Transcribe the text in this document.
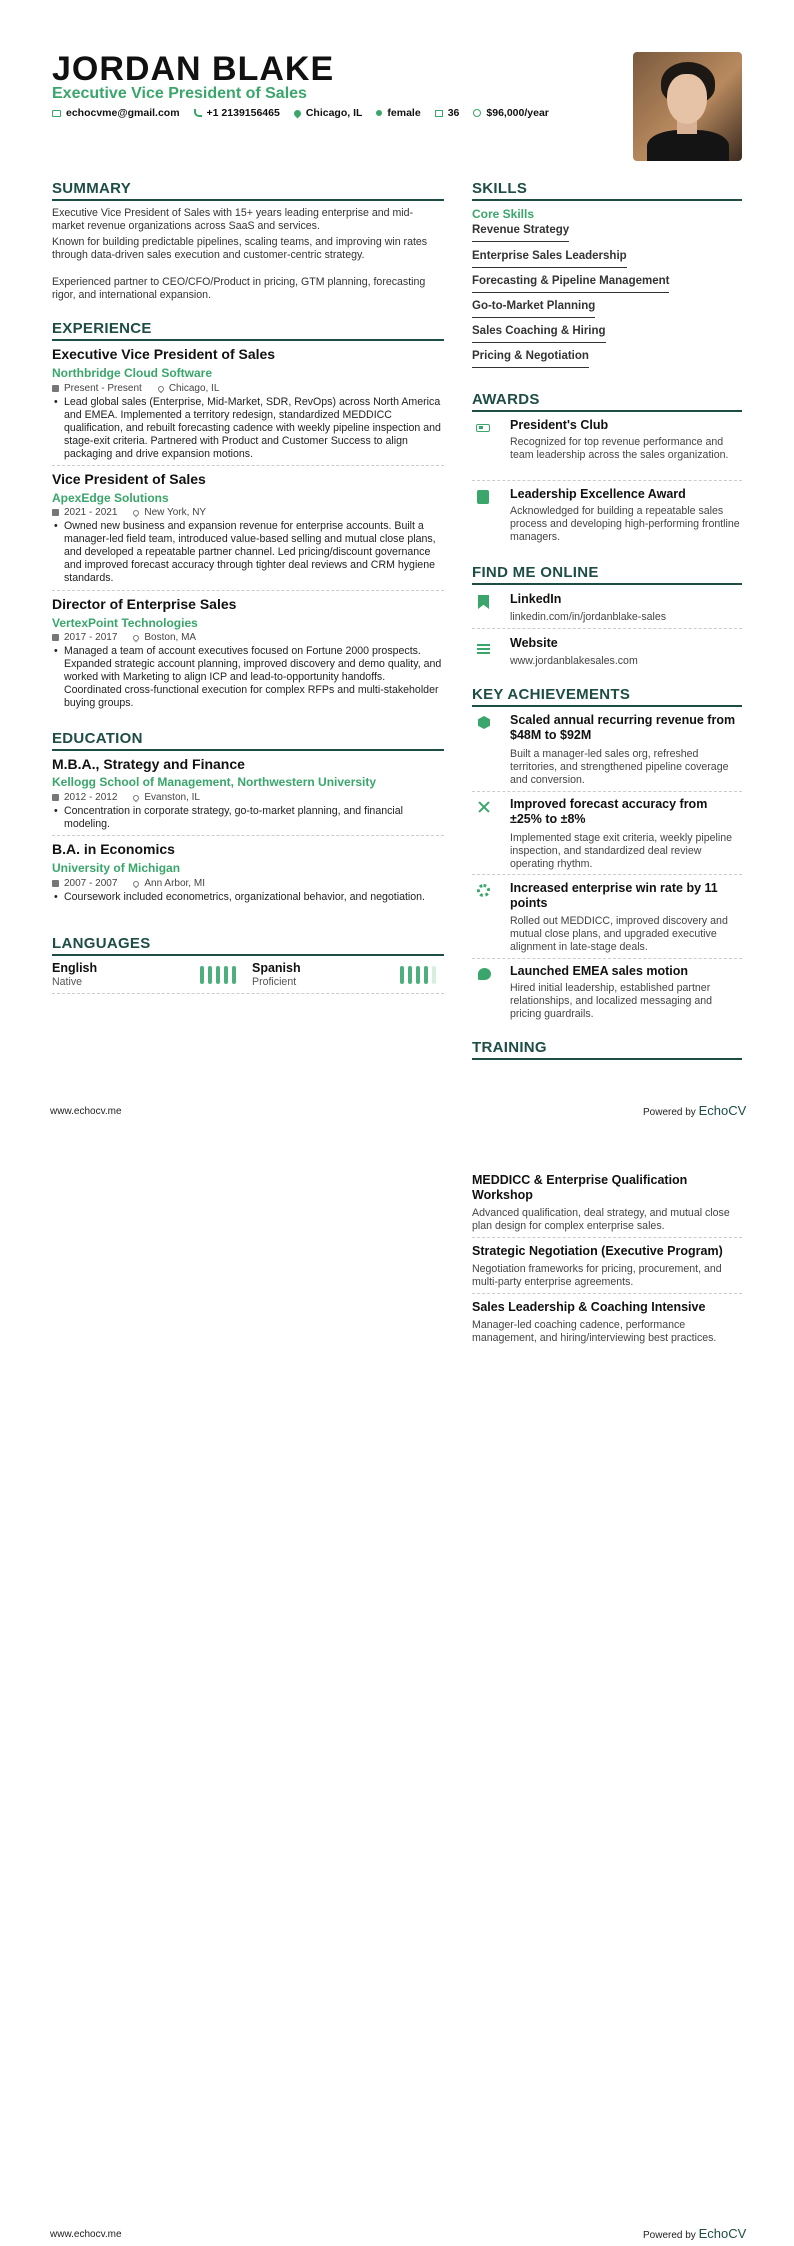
JORDAN BLAKE
Executive Vice President of Sales
echocvme@gmail.com	+1 2139156465 Chicago, IL female	36	$96,000/year
SUMMARY
Executive Vice President of Sales with 15+ years leading enterprise and mid-market revenue organizations across SaaS and services.
Known for building predictable pipelines, scaling teams, and improving win rates through data-driven sales execution and customer-centric strategy.
Experienced partner to CEO/CFO/Product in pricing, GTM planning, forecasting rigor, and international expansion.
EXPERIENCE
Executive Vice President of Sales
Northbridge Cloud Software
Present - Present	Chicago, IL
• Lead global sales (Enterprise, Mid-Market, SDR, RevOps) across North America and EMEA. Implemented a territory redesign, standardized MEDDICC qualification, and rebuilt forecasting cadence with weekly pipeline inspection and stage-exit criteria. Partnered with Product and Customer Success to align packaging and drive expansion motions.
Vice President of Sales
ApexEdge Solutions
2021 - 2021	New York, NY
• Owned new business and expansion revenue for enterprise accounts. Built a manager-led field team, introduced value-based selling and mutual close plans, and developed a repeatable partner channel. Led pricing/discount governance and improved forecast accuracy through tighter deal reviews and CRM hygiene standards.
Director of Enterprise Sales
VertexPoint Technologies
2017 - 2017	Boston, MA
• Managed a team of account executives focused on Fortune 2000 prospects. Expanded strategic account planning, improved discovery and demo quality, and worked with Marketing to align ICP and lead-to-opportunity handoffs. Coordinated cross-functional execution for complex RFPs and multi-stakeholder buying groups.
EDUCATION
M.B.A., Strategy and Finance
Kellogg School of Management, Northwestern University
2012 - 2012	Evanston, IL
• Concentration in corporate strategy, go-to-market planning, and financial modeling.
B.A. in Economics
University of Michigan
2007 - 2007	Ann Arbor, MI
• Coursework included econometrics, organizational behavior, and negotiation.
LANGUAGES
English
Native
Spanish
Proficient
SKILLS
Core Skills
Revenue Strategy
Enterprise Sales Leadership
Forecasting & Pipeline Management
Go-to-Market Planning
Sales Coaching & Hiring
Pricing & Negotiation
AWARDS
President's Club
Recognized for top revenue performance and team leadership across the sales organization.
Leadership Excellence Award
Acknowledged for building a repeatable sales process and developing high-performing frontline managers.
FIND ME ONLINE
LinkedIn
linkedin.com/in/jordanblake-sales
Website
www.jordanblakesales.com
KEY ACHIEVEMENTS
Scaled annual recurring revenue from $48M to $92M
Built a manager-led sales org, refreshed territories, and strengthened pipeline coverage and conversion.
Improved forecast accuracy from ±25% to ±8%
Implemented stage exit criteria, weekly pipeline inspection, and standardized deal review operating rhythm.
Increased enterprise win rate by 11 points
Rolled out MEDDICC, improved discovery and mutual close plans, and upgraded executive alignment in late-stage deals.
Launched EMEA sales motion
Hired initial leadership, established partner relationships, and localized messaging and pricing guardrails.
TRAINING
www.echocv.me	Powered by EchoCV
MEDDICC & Enterprise Qualification Workshop
Advanced qualification, deal strategy, and mutual close plan design for complex enterprise sales.
Strategic Negotiation (Executive Program)
Negotiation frameworks for pricing, procurement, and multi-party enterprise agreements.
Sales Leadership & Coaching Intensive
Manager-led coaching cadence, performance management, and hiring/interviewing best practices.
www.echocv.me	Powered by EchoCV
